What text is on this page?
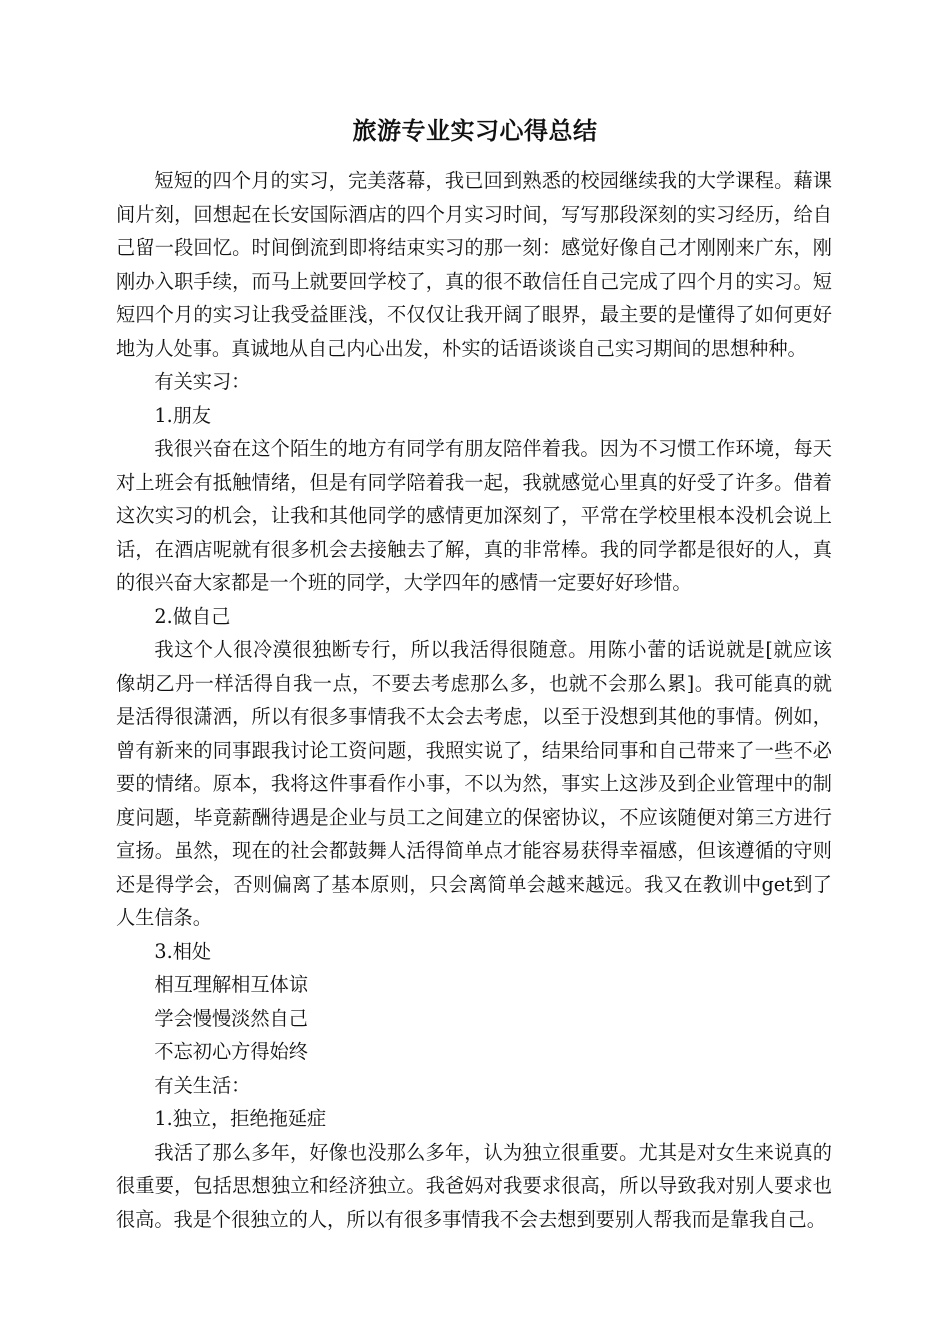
旅游专业实习心得总结

短短的四个月的实习，完美落幕，我已回到熟悉的校园继续我的大学课程。藉课间片刻，回想起在长安国际酒店的四个月实习时间，写写那段深刻的实习经历，给自己留一段回忆。时间倒流到即将结束实习的那一刻：感觉好像自己才刚刚来广东，刚刚办入职手续，而马上就要回学校了，真的很不敢信任自己完成了四个月的实习。短短四个月的实习让我受益匪浅，不仅仅让我开阔了眼界，最主要的是懂得了如何更好地为人处事。真诚地从自己内心出发，朴实的话语谈谈自己实习期间的思想种种。

有关实习：

1.朋友

我很兴奋在这个陌生的地方有同学有朋友陪伴着我。因为不习惯工作环境，每天对上班会有抵触情绪，但是有同学陪着我一起，我就感觉心里真的好受了许多。借着这次实习的机会，让我和其他同学的感情更加深刻了，平常在学校里根本没机会说上话，在酒店呢就有很多机会去接触去了解，真的非常棒。我的同学都是很好的人，真的很兴奋大家都是一个班的同学，大学四年的感情一定要好好珍惜。

2.做自己

我这个人很冷漠很独断专行，所以我活得很随意。用陈小蕾的话说就是[就应该像胡乙丹一样活得自我一点，不要去考虑那么多，也就不会那么累]。我可能真的就是活得很潇洒，所以有很多事情我不太会去考虑，以至于没想到其他的事情。例如，曾有新来的同事跟我讨论工资问题，我照实说了，结果给同事和自己带来了一些不必要的情绪。原本，我将这件事看作小事，不以为然，事实上这涉及到企业管理中的制度问题，毕竟薪酬待遇是企业与员工之间建立的保密协议，不应该随便对第三方进行宣扬。虽然，现在的社会都鼓舞人活得简单点才能容易获得幸福感，但该遵循的守则还是得学会，否则偏离了基本原则，只会离简单会越来越远。我又在教训中get到了人生信条。

3.相处

相互理解相互体谅

学会慢慢淡然自己

不忘初心方得始终

有关生活：

1.独立，拒绝拖延症

我活了那么多年，好像也没那么多年，认为独立很重要。尤其是对女生来说真的很重要，包括思想独立和经济独立。我爸妈对我要求很高，所以导致我对别人要求也很高。我是个很独立的人，所以有很多事情我不会去想到要别人帮我而是靠我自己。
